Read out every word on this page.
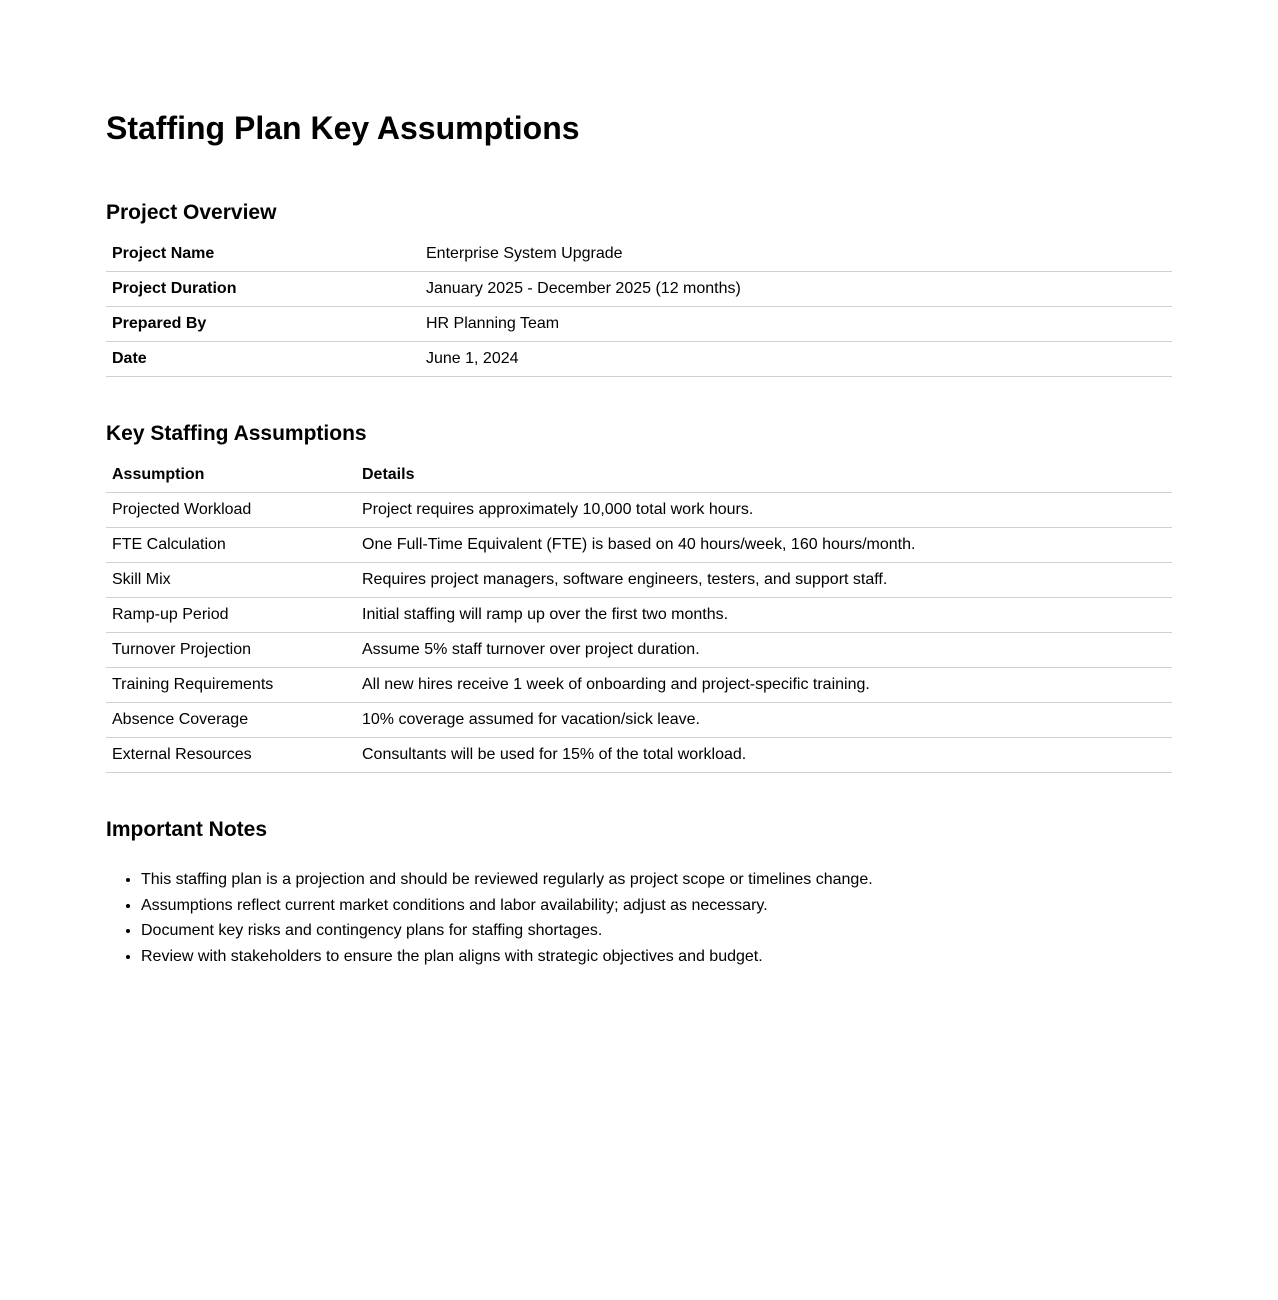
Staffing Plan Key Assumptions
Project Overview
Project Name	Enterprise System Upgrade
Project Duration	January 2025 - December 2025 (12 months)
Prepared By	HR Planning Team
Date	June 1, 2024
Key Staffing Assumptions
Assumption	Details
Projected Workload	Project requires approximately 10,000 total work hours.
FTE Calculation	One Full-Time Equivalent (FTE) is based on 40 hours/week, 160 hours/month.
Skill Mix	Requires project managers, software engineers, testers, and support staff.
Ramp-up Period	Initial staffing will ramp up over the first two months.
Turnover Projection	Assume 5% staff turnover over project duration.
Training Requirements	All new hires receive 1 week of onboarding and project-specific training.
Absence Coverage	10% coverage assumed for vacation/sick leave.
External Resources	Consultants will be used for 15% of the total workload.
Important Notes
• This staffing plan is a projection and should be reviewed regularly as project scope or timelines change.
• Assumptions reflect current market conditions and labor availability; adjust as necessary.
• Document key risks and contingency plans for staffing shortages.
• Review with stakeholders to ensure the plan aligns with strategic objectives and budget.
